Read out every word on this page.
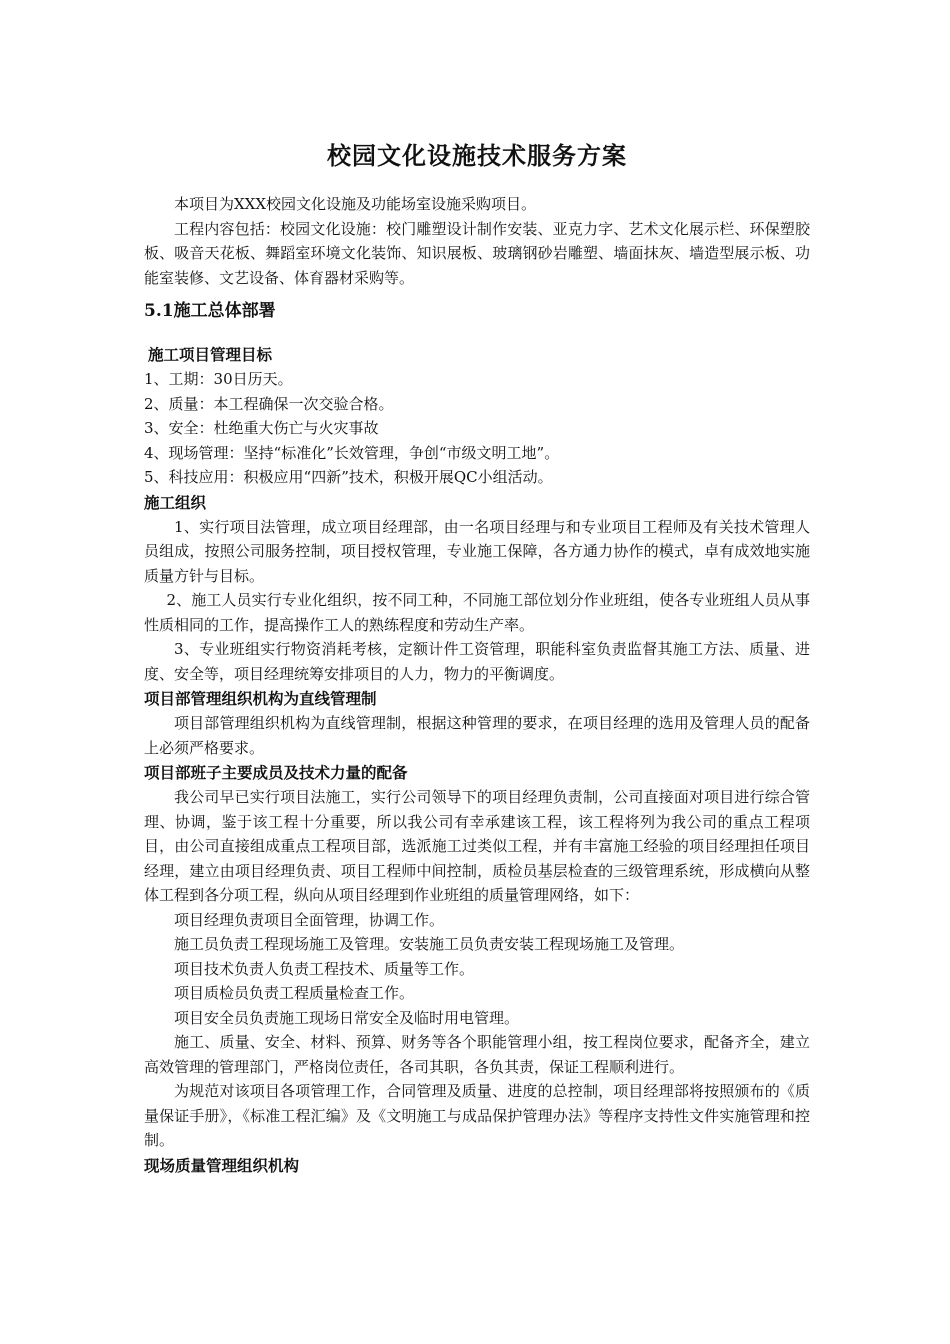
校园文化设施技术服务方案

本项目为XXX校园文化设施及功能场室设施采购项目。

工程内容包括：校园文化设施：校门雕塑设计制作安装、亚克力字、艺术文化展示栏、环保塑胶板、吸音天花板、舞蹈室环境文化装饰、知识展板、玻璃钢砂岩雕塑、墙面抹灰、墙造型展示板、功能室装修、文艺设备、体育器材采购等。

5.1施工总体部署
施工项目管理目标

1、工期：30日历天。

2、质量：本工程确保一次交验合格。

3、安全：杜绝重大伤亡与火灾事故

4、现场管理：坚持“标准化”长效管理，争创“市级文明工地”。

5、科技应用：积极应用“四新”技术，积极开展QC小组活动。

施工组织

1、实行项目法管理，成立项目经理部，由一名项目经理与和专业项目工程师及有关技术管理人员组成，按照公司服务控制，项目授权管理，专业施工保障，各方通力协作的模式，卓有成效地实施质量方针与目标。

2、施工人员实行专业化组织，按不同工种，不同施工部位划分作业班组，使各专业班组人员从事性质相同的工作，提高操作工人的熟练程度和劳动生产率。

3、专业班组实行物资消耗考核，定额计件工资管理，职能科室负责监督其施工方法、质量、进度、安全等，项目经理统筹安排项目的人力，物力的平衡调度。

项目部管理组织机构为直线管理制

项目部管理组织机构为直线管理制，根据这种管理的要求，在项目经理的选用及管理人员的配备上必须严格要求。

项目部班子主要成员及技术力量的配备

我公司早已实行项目法施工，实行公司领导下的项目经理负责制，公司直接面对项目进行综合管理、协调，鉴于该工程十分重要，所以我公司有幸承建该工程，该工程将列为我公司的重点工程项目，由公司直接组成重点工程项目部，选派施工过类似工程，并有丰富施工经验的项目经理担任项目经理，建立由项目经理负责、项目工程师中间控制，质检员基层检查的三级管理系统，形成横向从整体工程到各分项工程，纵向从项目经理到作业班组的质量管理网络，如下：

项目经理负责项目全面管理，协调工作。

施工员负责工程现场施工及管理。安装施工员负责安装工程现场施工及管理。

项目技术负责人负责工程技术、质量等工作。

项目质检员负责工程质量检查工作。

项目安全员负责施工现场日常安全及临时用电管理。

施工、质量、安全、材料、预算、财务等各个职能管理小组，按工程岗位要求，配备齐全，建立高效管理的管理部门，严格岗位责任，各司其职，各负其责，保证工程顺利进行。

为规范对该项目各项管理工作，合同管理及质量、进度的总控制，项目经理部将按照颁布的《质量保证手册》，《标准工程汇编》及《文明施工与成品保护管理办法》等程序支持性文件实施管理和控制。

现场质量管理组织机构
